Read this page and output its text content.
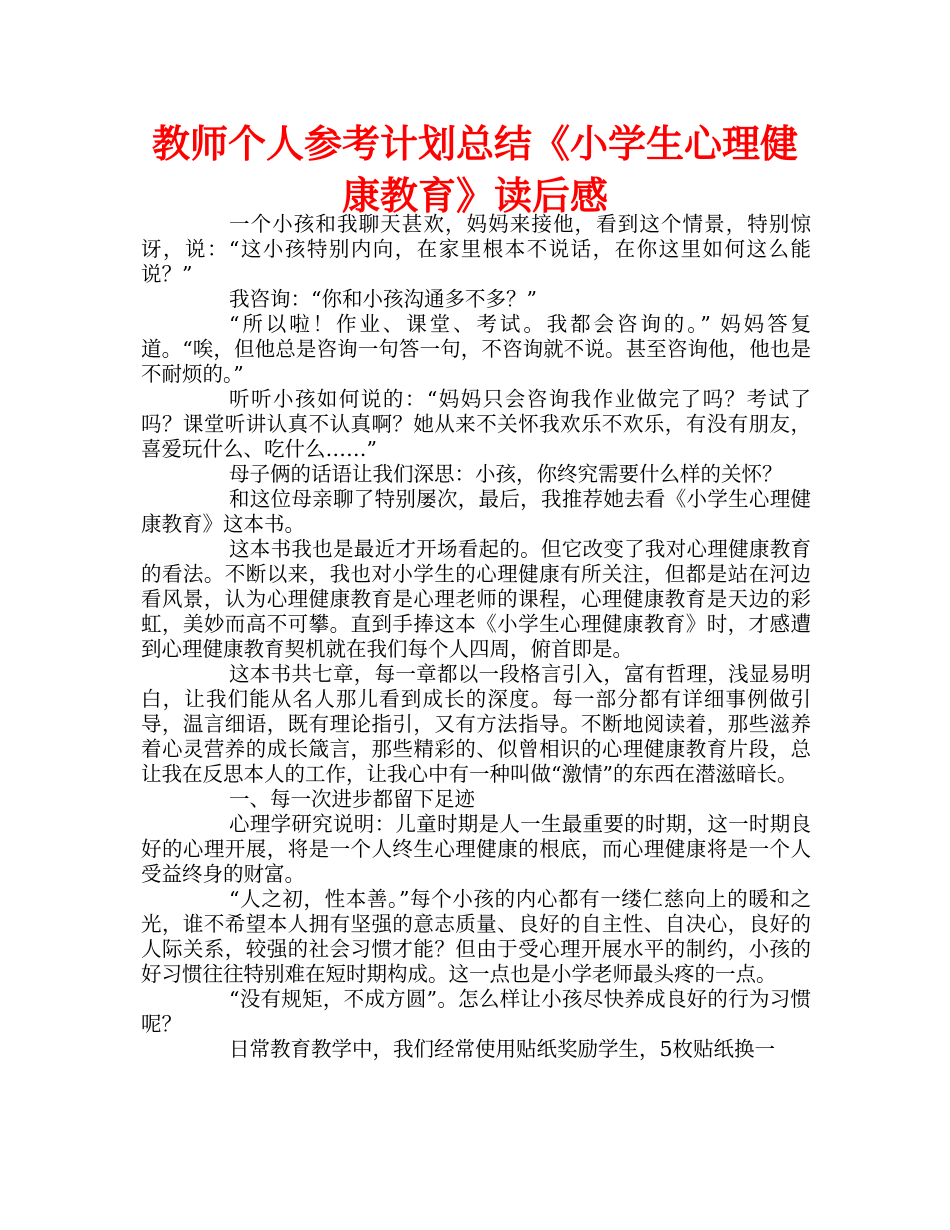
教师个人参考计划总结《小学生心理健康教育》读后感

一个小孩和我聊天甚欢，妈妈来接他，看到这个情景，特别惊讶，说：“这小孩特别内向，在家里根本不说话，在你这里如何这么能说？”

我咨询：“你和小孩沟通多不多？”

“所以啦！作业、课堂、考试。我都会咨询的。” 妈妈答复道。“唉，但他总是咨询一句答一句，不咨询就不说。甚至咨询他，他也是不耐烦的。”

听听小孩如何说的：“妈妈只会咨询我作业做完了吗？考试了吗？课堂听讲认真不认真啊？她从来不关怀我欢乐不欢乐，有没有朋友，喜爱玩什么、吃什么……”

母子俩的话语让我们深思：小孩，你终究需要什么样的关怀？

和这位母亲聊了特别屡次，最后，我推荐她去看《小学生心理健康教育》这本书。

这本书我也是最近才开场看起的。但它改变了我对心理健康教育的看法。不断以来，我也对小学生的心理健康有所关注，但都是站在河边看风景，认为心理健康教育是心理老师的课程，心理健康教育是天边的彩虹，美妙而高不可攀。直到手捧这本《小学生心理健康教育》时，才感遭到心理健康教育契机就在我们每个人四周，俯首即是。

这本书共七章，每一章都以一段格言引入，富有哲理，浅显易明白，让我们能从名人那儿看到成长的深度。每一部分都有详细事例做引导，温言细语，既有理论指引，又有方法指导。不断地阅读着，那些滋养着心灵营养的成长箴言，那些精彩的、似曾相识的心理健康教育片段，总让我在反思本人的工作，让我心中有一种叫做“激情”的东西在潜滋暗长。

一、每一次进步都留下足迹

心理学研究说明：儿童时期是人一生最重要的时期，这一时期良好的心理开展，将是一个人终生心理健康的根底，而心理健康将是一个人受益终身的财富。

“人之初，性本善。”每个小孩的内心都有一缕仁慈向上的暖和之光，谁不希望本人拥有坚强的意志质量、良好的自主性、自决心，良好的人际关系，较强的社会习惯才能？但由于受心理开展水平的制约，小孩的好习惯往往特别难在短时期构成。这一点也是小学老师最头疼的一点。

“没有规矩，不成方圆”。怎么样让小孩尽快养成良好的行为习惯呢？

日常教育教学中，我们经常使用贴纸奖励学生，5枚贴纸换一
